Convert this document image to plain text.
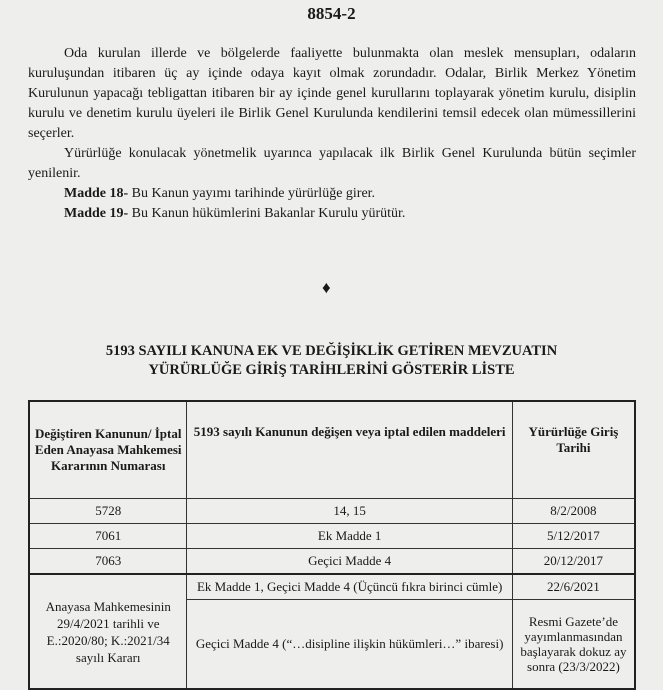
8854-2

Oda kurulan illerde ve bölgelerde faaliyette bulunmakta olan meslek mensupları, odaların kuruluşundan itibaren üç ay içinde odaya kayıt olmak zorundadır. Odalar, Birlik Merkez Yönetim Kurulunun yapacağı tebligattan itibaren bir ay içinde genel kurullarını toplayarak yönetim kurulu, disiplin kurulu ve denetim kurulu üyeleri ile Birlik Genel Kurulunda kendilerini temsil edecek olan mümessillerini seçerler.

Yürürlüğe konulacak yönetmelik uyarınca yapılacak ilk Birlik Genel Kurulunda bütün seçimler yenilenir.

Madde 18- Bu Kanun yayımı tarihinde yürürlüğe girer.

Madde 19- Bu Kanun hükümlerini Bakanlar Kurulu yürütür.

♦
5193 SAYILI KANUNA EK VE DEĞİŞİKLİK GETİREN MEVZUATIN
YÜRÜRLÜĞE GİRİŞ TARİHLERİNİ GÖSTERİR LİSTE
Değiştiren Kanunun/ İptal Eden Anayasa Mahkemesi Kararının Numarası	5193 sayılı Kanunun değişen veya iptal edilen maddeleri	Yürürlüğe Giriş Tarihi
5728	14, 15	8/2/2008
7061	Ek Madde 1	5/12/2017
7063	Geçici Madde 4	20/12/2017
Anayasa Mahkemesinin 29/4/2021 tarihli ve E.:2020/80; K.:2021/34 sayılı Kararı	Ek Madde 1, Geçici Madde 4 (Üçüncü fıkra birinci cümle)	22/6/2021
	Geçici Madde 4 (“…disipline ilişkin hükümleri…” ibaresi)	Resmi Gazete’de yayımlanmasından başlayarak dokuz ay sonra (23/3/2022)
